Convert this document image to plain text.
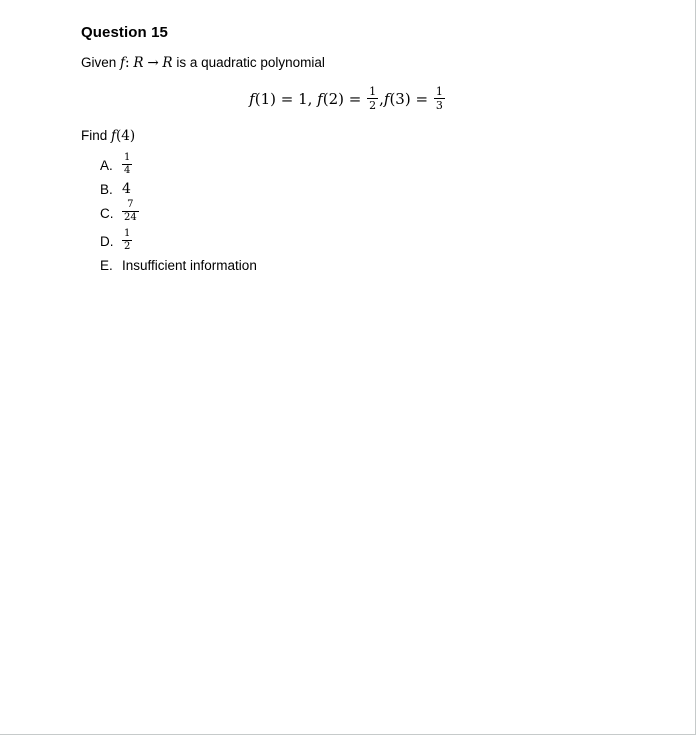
Question 15

Given f: R → R is a quadratic polynomial

f(1) = 1, $f(2) = \frac{1}{2} ,f(3) = \frac{1}{3}$

Find f(4)

A. $\frac{1}{4}$
B. 4
C. $\frac{7}{24}$
D. $\frac{1}{2}$
E. Insufficient information
